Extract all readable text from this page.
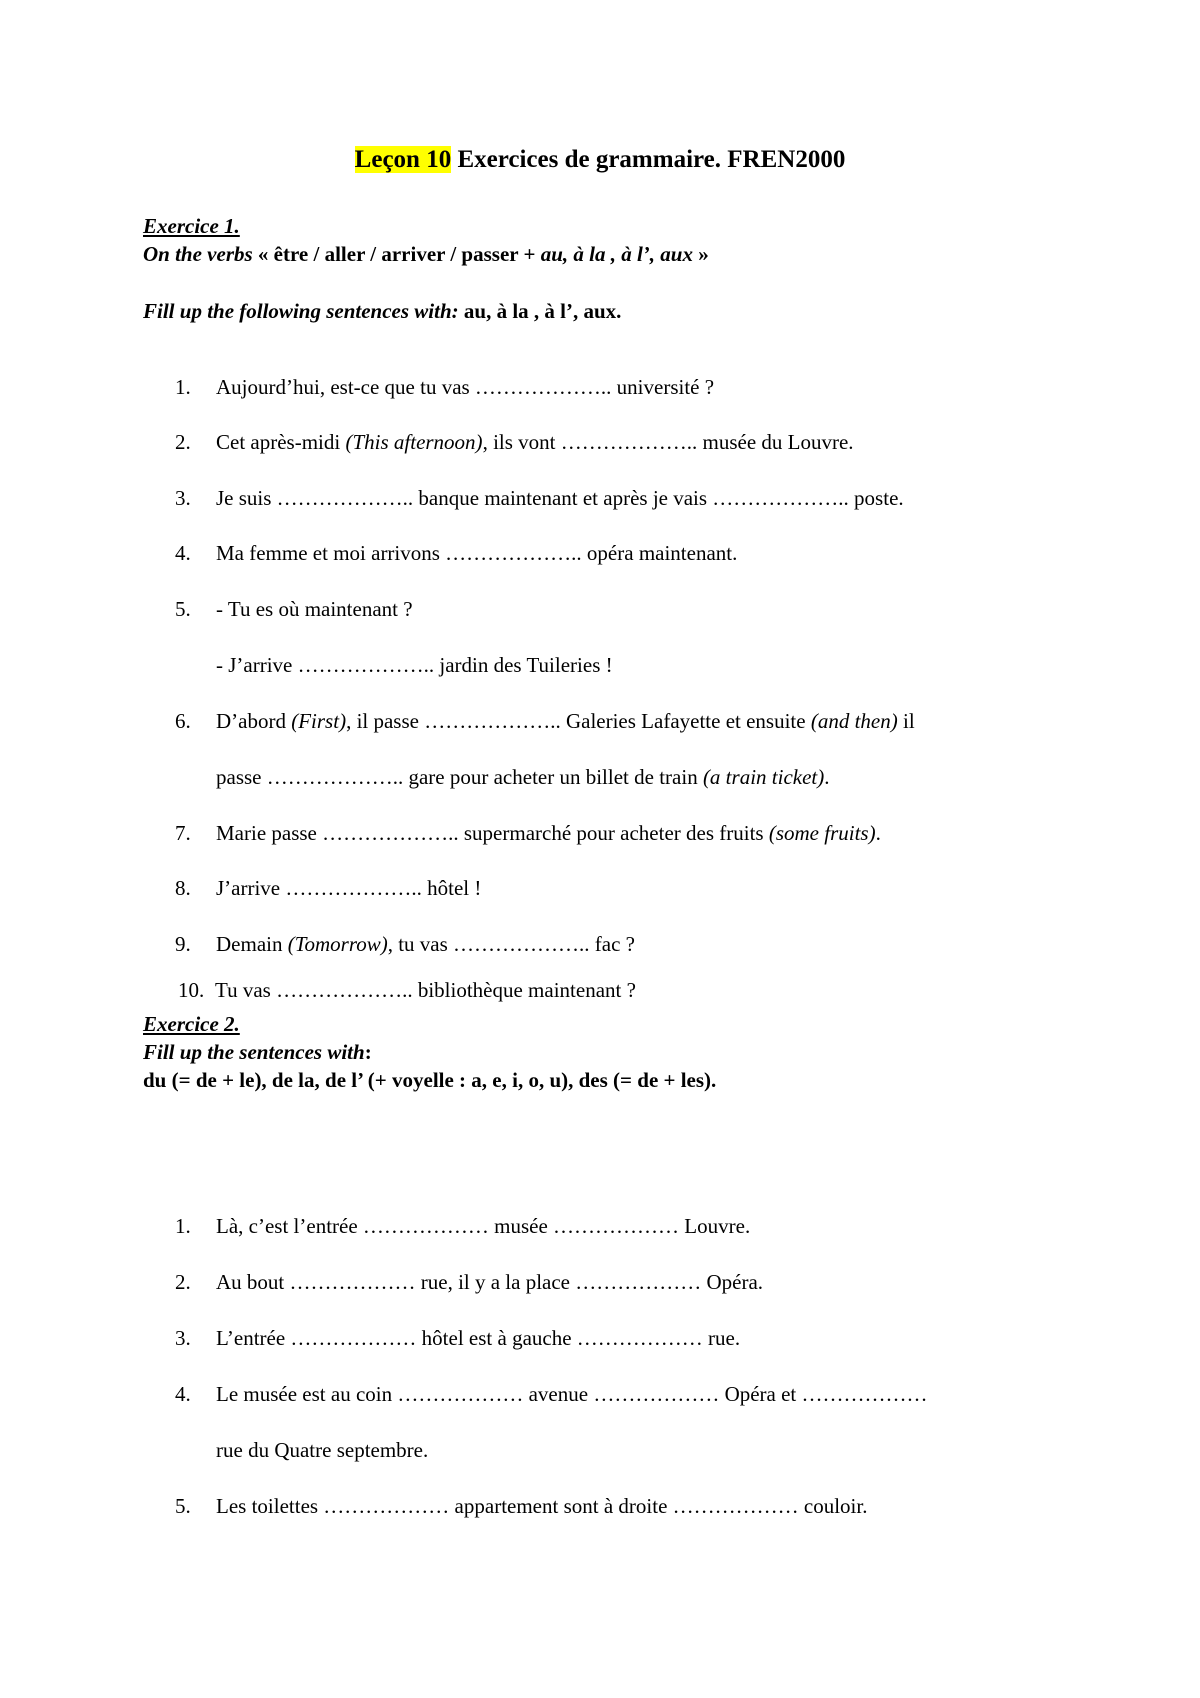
Leçon 10 Exercices de grammaire. FREN2000
Exercice 1.
On the verbs « être / aller / arriver / passer + au, à la , à l’, aux »
Fill up the following sentences with: au, à la , à l’, aux.
1.	Aujourd’hui, est-ce que tu vas ……………….. université ?
2.	Cet après-midi (This afternoon), ils vont ……………….. musée du Louvre.
3.	Je suis ……………….. banque maintenant et après je vais ……………….. poste.
4.	Ma femme et moi arrivons ……………….. opéra maintenant.
5.	- Tu es où maintenant ?
- J’arrive ……………….. jardin des Tuileries !
6.	D’abord (First), il passe ……………….. Galeries Lafayette et ensuite (and then) il
passe ……………….. gare pour acheter un billet de train (a train ticket).
7.	Marie passe ……………….. supermarché pour acheter des fruits (some fruits).
8.	J’arrive ……………….. hôtel !
9.	Demain (Tomorrow), tu vas ……………….. fac ?
10. Tu vas ……………….. bibliothèque maintenant ?
Exercice 2.
Fill up the sentences with:
du (= de + le), de la, de l’ (+ voyelle : a, e, i, o, u), des (= de + les).
1.	Là, c’est l’entrée ……………… musée ……………… Louvre.
2.	Au bout ……………… rue, il y a la place ……………… Opéra.
3.	L’entrée ……………… hôtel est à gauche ……………… rue.
4.	Le musée est au coin ……………… avenue ……………… Opéra et ………………
rue du Quatre septembre.
5.	Les toilettes ……………… appartement sont à droite ……………… couloir.
